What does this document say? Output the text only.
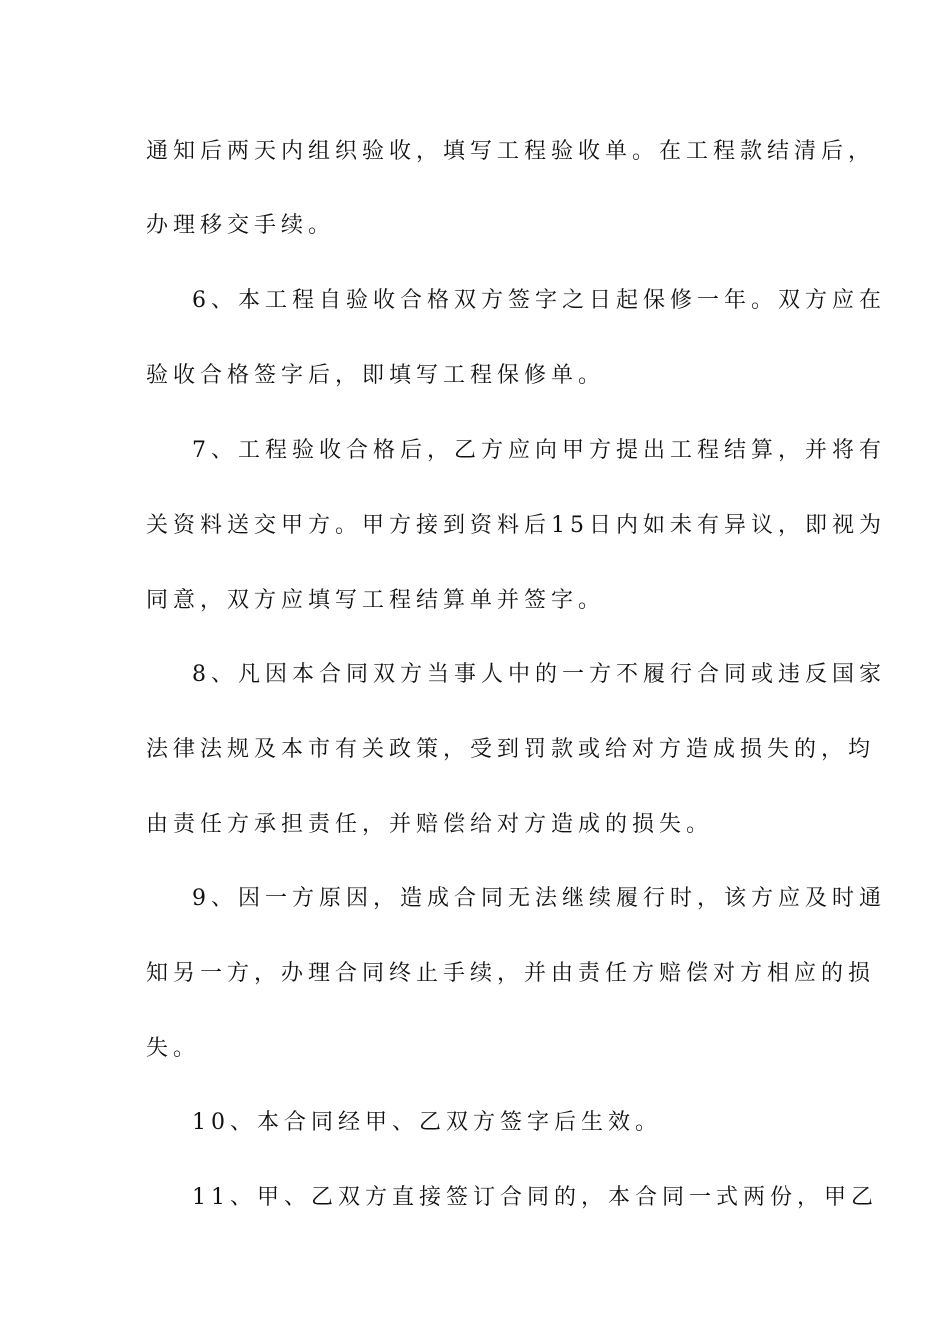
通知后两天内组织验收，填写工程验收单。在工程款结清后，
办理移交手续。
6、本工程自验收合格双方签字之日起保修一年。双方应在
验收合格签字后，即填写工程保修单。
7、工程验收合格后，乙方应向甲方提出工程结算，并将有
关资料送交甲方。甲方接到资料后15日内如未有异议，即视为
同意，双方应填写工程结算单并签字。
8、凡因本合同双方当事人中的一方不履行合同或违反国家
法律法规及本市有关政策，受到罚款或给对方造成损失的，均
由责任方承担责任，并赔偿给对方造成的损失。
9、因一方原因，造成合同无法继续履行时，该方应及时通
知另一方，办理合同终止手续，并由责任方赔偿对方相应的损
失。
10、本合同经甲、乙双方签字后生效。
11、甲、乙双方直接签订合同的，本合同一式两份，甲乙
